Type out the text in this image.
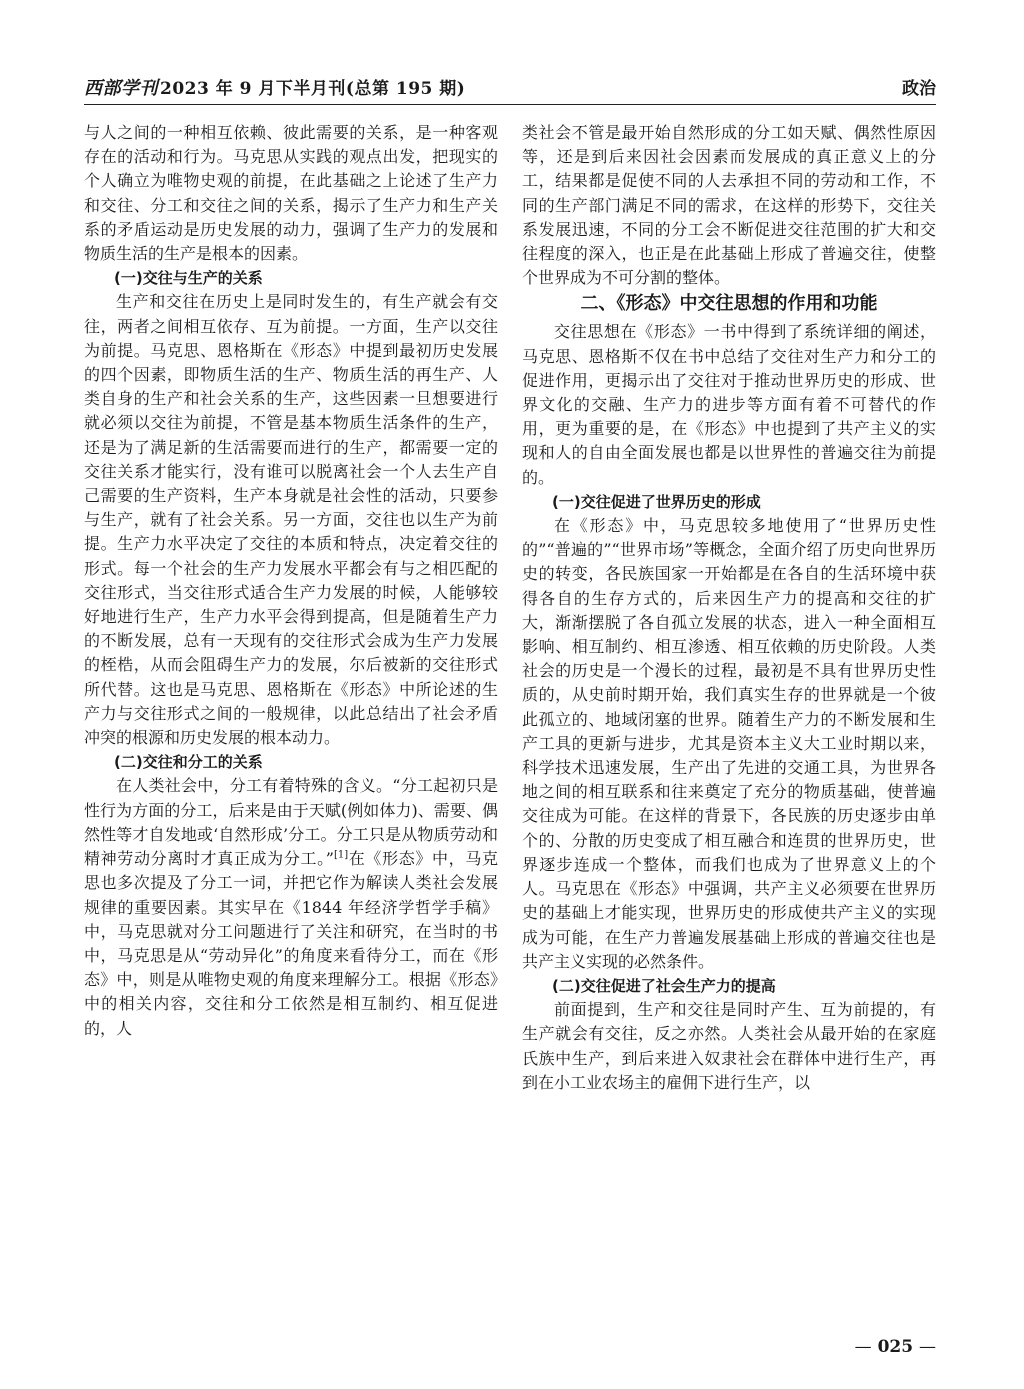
西部学刊 2023 年 9 月下半月刊(总第 195 期)	政治

与人之间的一种相互依赖、彼此需要的关系，是一种客观存在的活动和行为。马克思从实践的观点出发，把现实的个人确立为唯物史观的前提，在此基础之上论述了生产力和交往、分工和交往之间的关系，揭示了生产力和生产关系的矛盾运动是历史发展的动力，强调了生产力的发展和物质生活的生产是根本的因素。

(一)交往与生产的关系

生产和交往在历史上是同时发生的，有生产就会有交往，两者之间相互依存、互为前提。一方面，生产以交往为前提。马克思、恩格斯在《形态》中提到最初历史发展的四个因素，即物质生活的生产、物质生活的再生产、人类自身的生产和社会关系的生产，这些因素一旦想要进行就必须以交往为前提，不管是基本物质生活条件的生产，还是为了满足新的生活需要而进行的生产，都需要一定的交往关系才能实行，没有谁可以脱离社会一个人去生产自己需要的生产资料，生产本身就是社会性的活动，只要参与生产，就有了社会关系。另一方面，交往也以生产为前提。生产力水平决定了交往的本质和特点，决定着交往的形式。每一个社会的生产力发展水平都会有与之相匹配的交往形式，当交往形式适合生产力发展的时候，人能够较好地进行生产，生产力水平会得到提高，但是随着生产力的不断发展，总有一天现有的交往形式会成为生产力发展的桎梏，从而会阻碍生产力的发展，尔后被新的交往形式所代替。这也是马克思、恩格斯在《形态》中所论述的生产力与交往形式之间的一般规律，以此总结出了社会矛盾冲突的根源和历史发展的根本动力。

(二)交往和分工的关系

在人类社会中，分工有着特殊的含义。“分工起初只是性行为方面的分工，后来是由于天赋(例如体力)、需要、偶然性等才自发地或‘自然形成’分工。分工只是从物质劳动和精神劳动分离时才真正成为分工。”[1]在《形态》中，马克思也多次提及了分工一词，并把它作为解读人类社会发展规律的重要因素。其实早在《1844 年经济学哲学手稿》中，马克思就对分工问题进行了关注和研究，在当时的书中，马克思是从“劳动异化”的角度来看待分工，而在《形态》中，则是从唯物史观的角度来理解分工。根据《形态》中的相关内容，交往和分工依然是相互制约、相互促进的，人

类社会不管是最开始自然形成的分工如天赋、偶然性原因等，还是到后来因社会因素而发展成的真正意义上的分工，结果都是促使不同的人去承担不同的劳动和工作，不同的生产部门满足不同的需求，在这样的形势下，交往关系发展迅速，不同的分工会不断促进交往范围的扩大和交往程度的深入，也正是在此基础上形成了普遍交往，使整个世界成为不可分割的整体。

二、《形态》中交往思想的作用和功能

交往思想在《形态》一书中得到了系统详细的阐述，马克思、恩格斯不仅在书中总结了交往对生产力和分工的促进作用，更揭示出了交往对于推动世界历史的形成、世界文化的交融、生产力的进步等方面有着不可替代的作用，更为重要的是，在《形态》中也提到了共产主义的实现和人的自由全面发展也都是以世界性的普遍交往为前提的。

(一)交往促进了世界历史的形成

在《形态》中，马克思较多地使用了“世界历史性的”“普遍的”“世界市场”等概念，全面介绍了历史向世界历史的转变，各民族国家一开始都是在各自的生活环境中获得各自的生存方式的，后来因生产力的提高和交往的扩大，渐渐摆脱了各自孤立发展的状态，进入一种全面相互影响、相互制约、相互渗透、相互依赖的历史阶段。人类社会的历史是一个漫长的过程，最初是不具有世界历史性质的，从史前时期开始，我们真实生存的世界就是一个彼此孤立的、地域闭塞的世界。随着生产力的不断发展和生产工具的更新与进步，尤其是资本主义大工业时期以来，科学技术迅速发展，生产出了先进的交通工具，为世界各地之间的相互联系和往来奠定了充分的物质基础，使普遍交往成为可能。在这样的背景下，各民族的历史逐步由单个的、分散的历史变成了相互融合和连贯的世界历史，世界逐步连成一个整体，而我们也成为了世界意义上的个人。马克思在《形态》中强调，共产主义必须要在世界历史的基础上才能实现，世界历史的形成使共产主义的实现成为可能，在生产力普遍发展基础上形成的普遍交往也是共产主义实现的必然条件。

(二)交往促进了社会生产力的提高

前面提到，生产和交往是同时产生、互为前提的，有生产就会有交往，反之亦然。人类社会从最开始的在家庭氏族中生产，到后来进入奴隶社会在群体中进行生产，再到在小工业农场主的雇佣下进行生产，以

— 025 —
